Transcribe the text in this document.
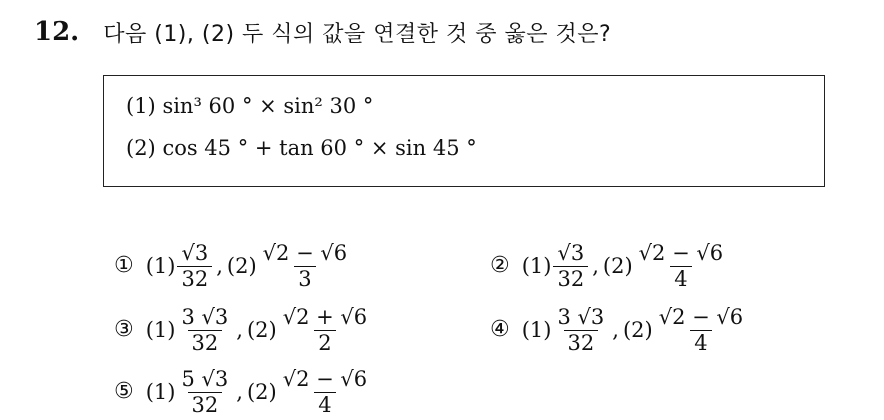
12. 다음 (1), (2) 두 식의 값을 연결한 것 중 옳은 것은?
(1) sin³ 60 ° × sin² 30 °
(2) cos 45 ° + tan 60 ° × sin 45 °
① $(1) \frac{√3}{32}$ , $(2) \frac{√2 - √6}{3}$	② $(1) \frac{√3}{32}$ , $(2) \frac{√2 - √6}{4}$
③ $(1) \frac{3 √3}{32}$ , $(2) \frac{√2 + √6}{2}$	④ $(1) \frac{3 √3}{32}$ , $(2) \frac{√2 - √6}{4}$
⑤ $(1) \frac{5 √3}{32}$ , $(2) \frac{√2 - √6}{4}$
